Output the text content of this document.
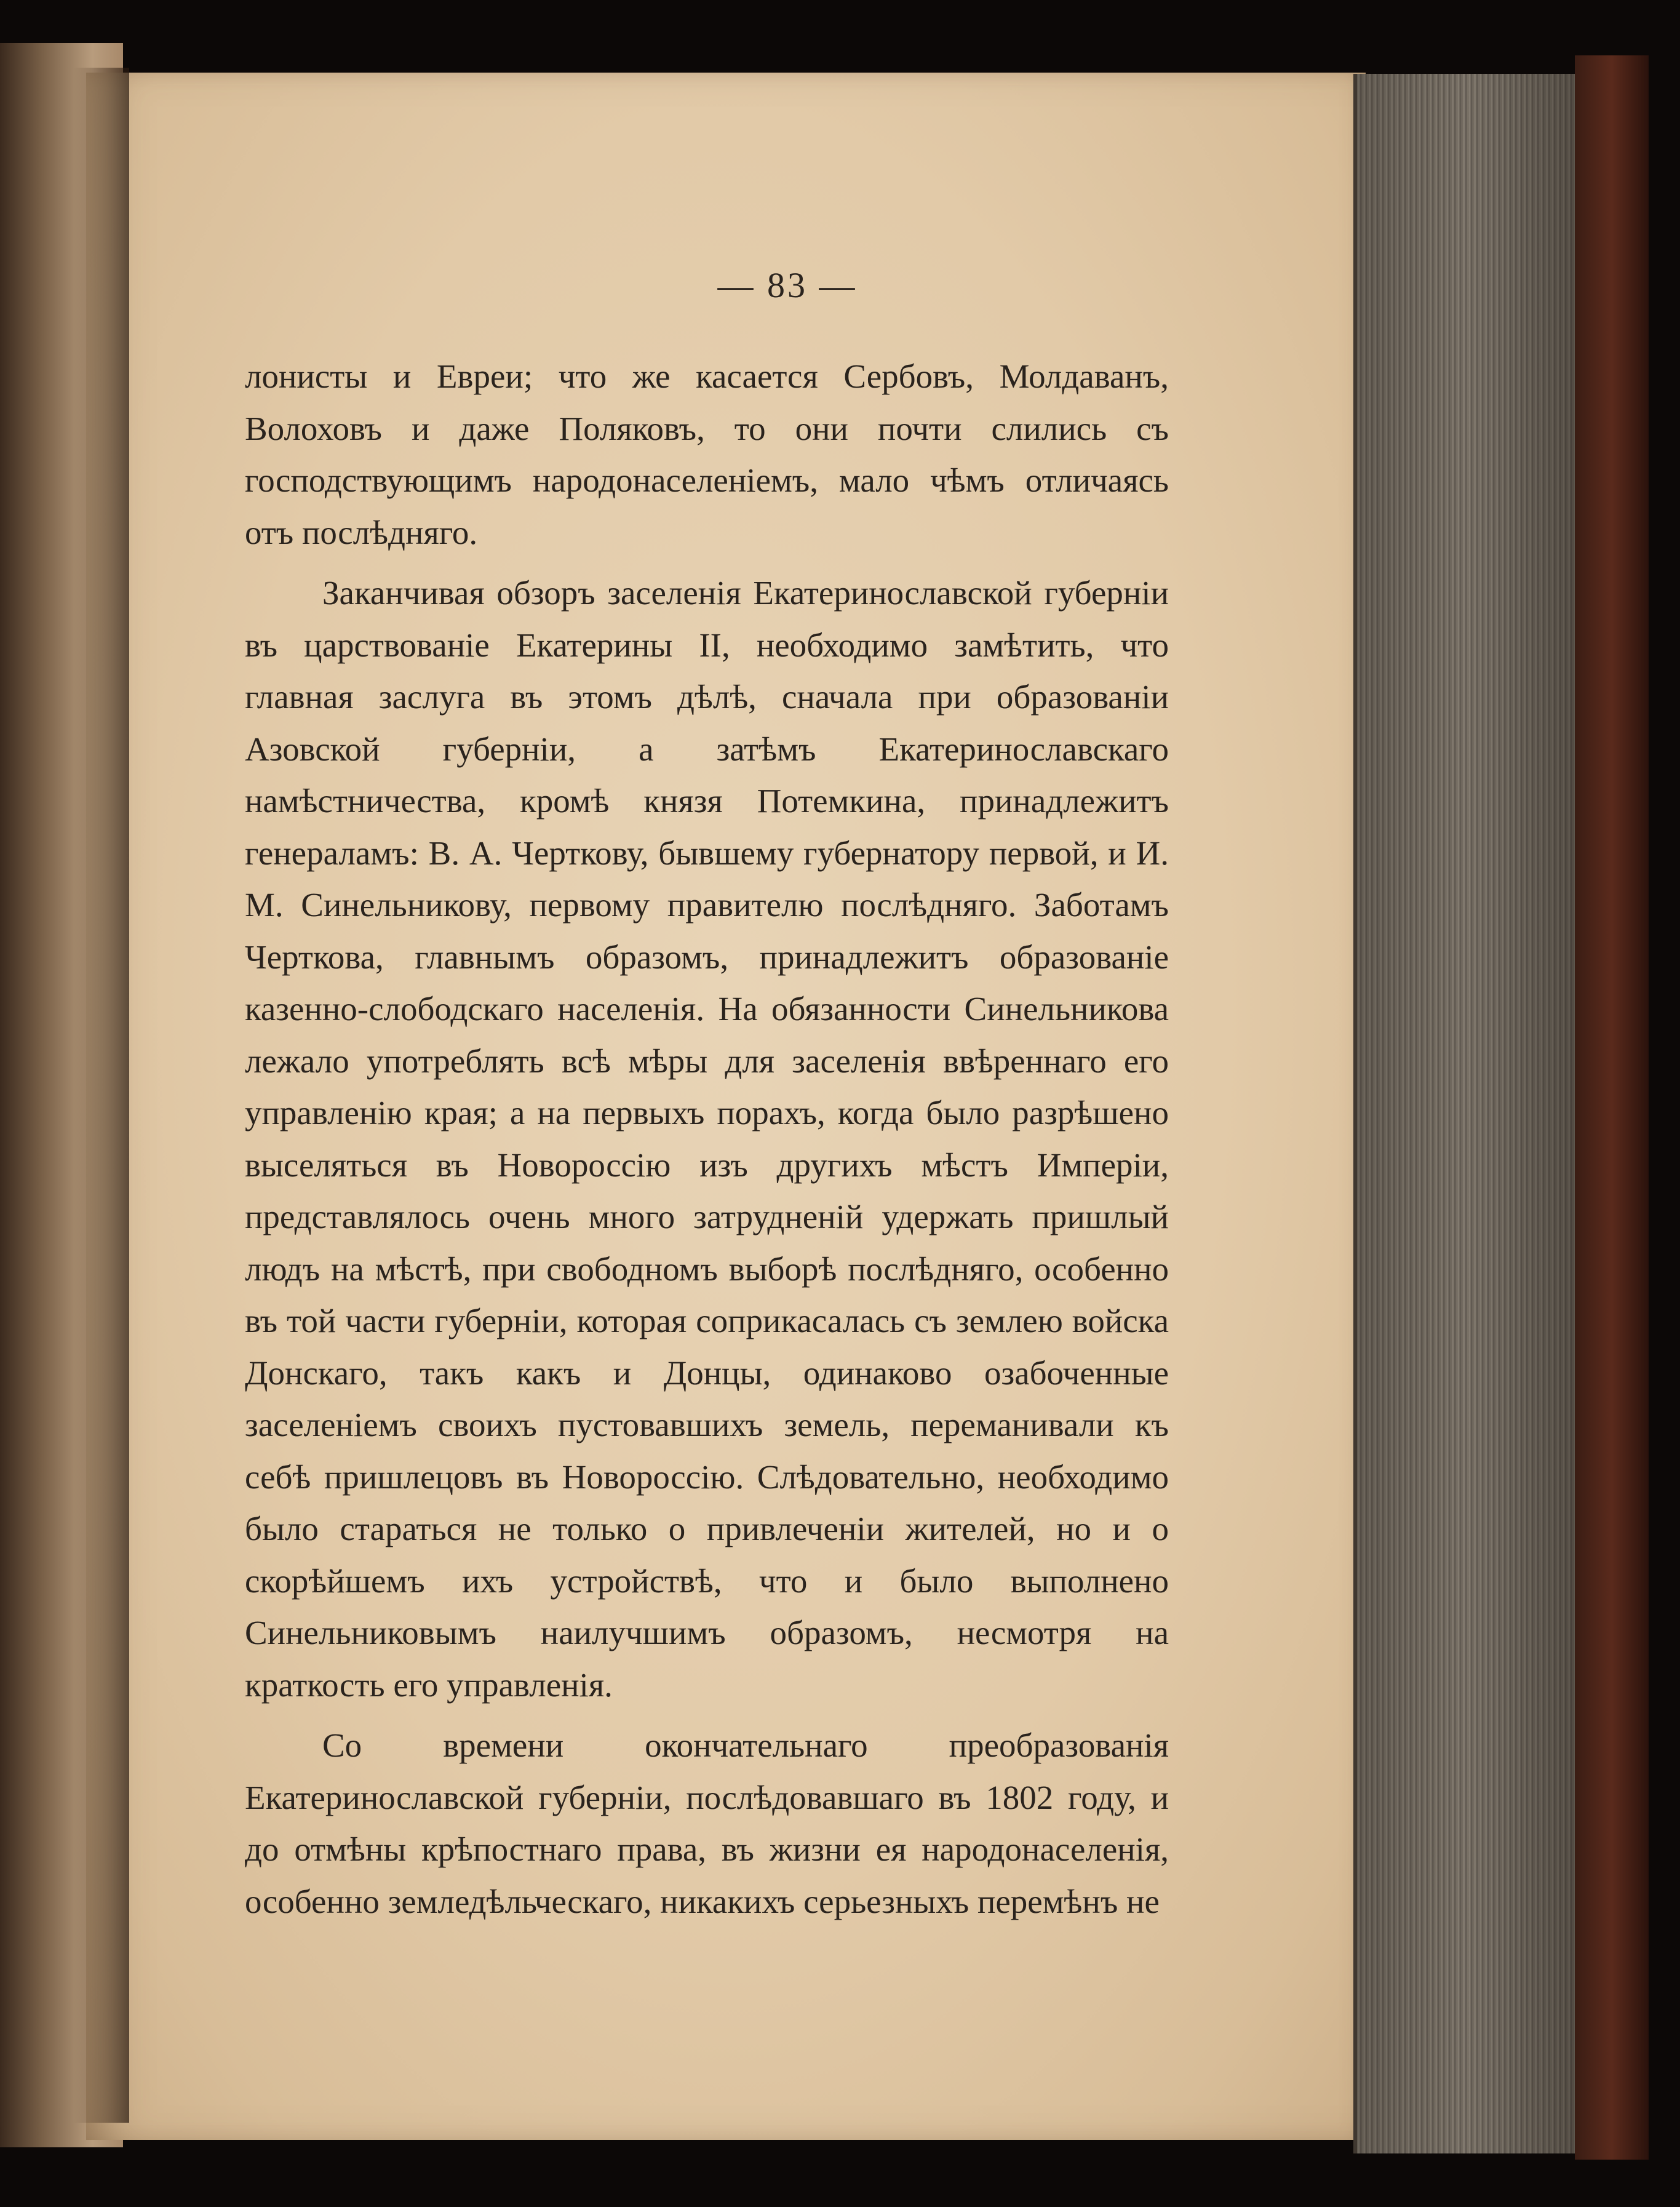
— 83 —

лонисты и Евреи; что же касается Сербовъ, Молдаванъ, Волоховъ и даже Поляковъ, то они почти слились съ господствующимъ народонаселенiемъ, мало чѣмъ отличаясь отъ послѣдняго.

Заканчивая обзоръ заселенiя Екатеринославской губернiи въ царствованiе Екатерины II, необходимо замѣтить, что главная заслуга въ этомъ дѣлѣ, сначала при образованiи Азовской губернiи, а затѣмъ Екатеринославскаго намѣстничества, кромѣ князя Потемкина, принадлежитъ генераламъ: В. А. Черткову, бывшему губернатору первой, и И. М. Синельникову, первому правителю послѣдняго. Заботамъ Черткова, главнымъ образомъ, принадлежитъ образованiе казенно-слободскаго населенiя. На обязанности Синельникова лежало употреблять всѣ мѣры для заселенiя ввѣреннаго его управленiю края; а на первыхъ порахъ, когда было разрѣшено выселяться въ Новороссiю изъ другихъ мѣстъ Имперiи, представлялось очень много затрудненiй удержать пришлый людъ на мѣстѣ, при свободномъ выборѣ послѣдняго, особенно въ той части губернiи, которая соприкасалась съ землею войска Донскаго, такъ какъ и Донцы, одинаково озабоченные заселенiемъ своихъ пустовавшихъ земель, переманивали къ себѣ пришлецовъ въ Новороссiю. Слѣдовательно, необходимо было стараться не только о привлеченiи жителей, но и о скорѣйшемъ ихъ устройствѣ, что и было выполнено Синельниковымъ наилучшимъ образомъ, несмотря на краткость его управленiя.

Со времени окончательнаго преобразованiя Екатеринославской губернiи, послѣдовавшаго въ 1802 году, и до отмѣны крѣпостнаго права, въ жизни ея народонаселенiя, особенно земледѣльческаго, никакихъ серьезныхъ перемѣнъ не
